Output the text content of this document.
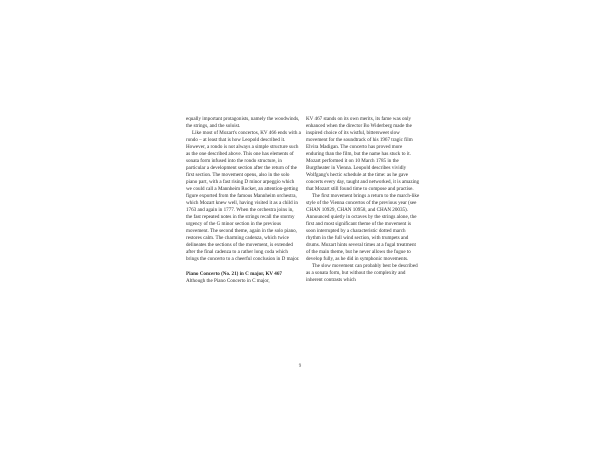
equally important protagonists, namely the woodwinds, the strings, and the soloist.

Like most of Mozart's concertos, KV 466 ends with a rondo – at least that is how Leopold described it. However, a rondo is not always a simple structure such as the one described above. This one has elements of sonata form infused into the rondo structure, in particular a development section after the return of the first section. The movement opens, also in the solo piano part, with a fast rising D minor arpeggio which we could call a Mannheim Rocket, an attention-getting figure exported from the famous Mannheim orchestra, which Mozart knew well, having visited it as a child in 1763 and again in 1777. When the orchestra joins in, the fast repeated notes in the strings recall the stormy urgency of the G minor section in the previous movement. The second theme, again in the solo piano, restores calm. The charming cadenza, which twice delineates the sections of the movement, is extended after the final cadenza to a rather long coda which brings the concerto to a cheerful conclusion in D major.

Piano Concerto (No. 21) in C major, KV 467

Although the Piano Concerto in C major,

KV 467 stands on its own merits, its fame was only enhanced when the director Bo Widerberg made the inspired choice of its wistful, bittersweet slow movement for the soundtrack of his 1967 tragic film Elvira Madigan. The concerto has proved more enduring than the film, but the name has stuck to it. Mozart performed it on 10 March 1785 in the Burgtheater in Vienna. Leopold describes vividly Wolfgang's hectic schedule at the time: as he gave concerts every day, taught and networked, it is amazing that Mozart still found time to compose and practise.

The first movement brings a return to the march-like style of the Vienna concertos of the previous year (see CHAN 10929, CHAN 10958, and CHAN 20035). Announced quietly in octaves by the strings alone, the first and most significant theme of the movement is soon interrupted by a characteristic dotted march rhythm in the full wind section, with trumpets and drums. Mozart hints several times at a fugal treatment of the main theme, but he never allows the fugue to develop fully, as he did in symphonic movements.

The slow movement can probably best be described as a sonata form, but without the complexity and inherent contrasts which

9
